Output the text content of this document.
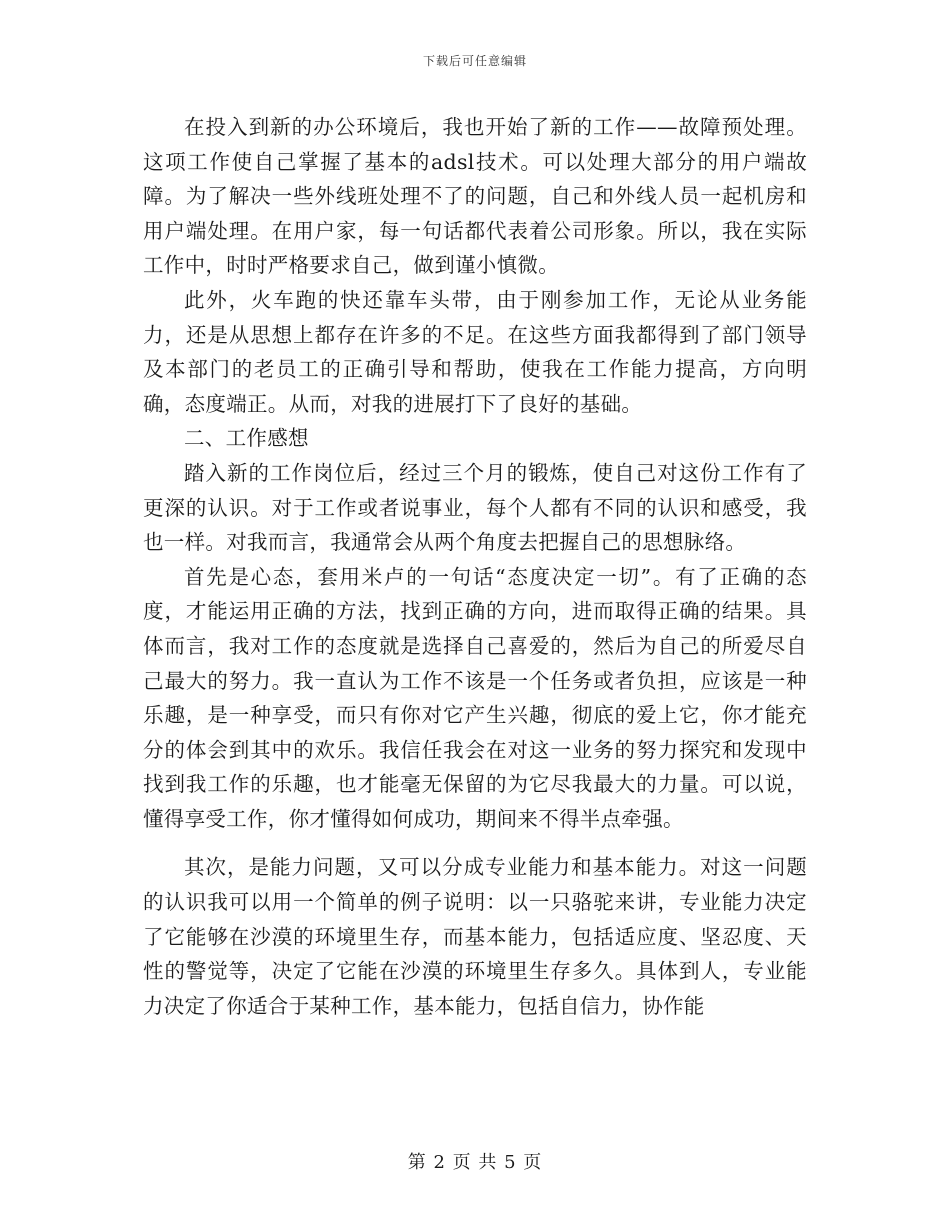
下载后可任意编辑

在投入到新的办公环境后，我也开始了新的工作——故障预处理。这项工作使自己掌握了基本的adsl技术。可以处理大部分的用户端故障。为了解决一些外线班处理不了的问题，自己和外线人员一起机房和用户端处理。在用户家，每一句话都代表着公司形象。所以，我在实际工作中，时时严格要求自己，做到谨小慎微。

此外，火车跑的快还靠车头带，由于刚参加工作，无论从业务能力，还是从思想上都存在许多的不足。在这些方面我都得到了部门领导及本部门的老员工的正确引导和帮助，使我在工作能力提高，方向明确，态度端正。从而，对我的进展打下了良好的基础。

二、工作感想

踏入新的工作岗位后，经过三个月的锻炼，使自己对这份工作有了更深的认识。对于工作或者说事业，每个人都有不同的认识和感受，我也一样。对我而言，我通常会从两个角度去把握自己的思想脉络。

首先是心态，套用米卢的一句话“态度决定一切”。有了正确的态度，才能运用正确的方法，找到正确的方向，进而取得正确的结果。具体而言，我对工作的态度就是选择自己喜爱的，然后为自己的所爱尽自己最大的努力。我一直认为工作不该是一个任务或者负担，应该是一种乐趣，是一种享受，而只有你对它产生兴趣，彻底的爱上它，你才能充分的体会到其中的欢乐。我信任我会在对这一业务的努力探究和发现中找到我工作的乐趣，也才能毫无保留的为它尽我最大的力量。可以说，懂得享受工作，你才懂得如何成功，期间来不得半点牵强。

其次，是能力问题，又可以分成专业能力和基本能力。对这一问题的认识我可以用一个简单的例子说明：以一只骆驼来讲，专业能力决定了它能够在沙漠的环境里生存，而基本能力，包括适应度、坚忍度、天性的警觉等，决定了它能在沙漠的环境里生存多久。具体到人，专业能力决定了你适合于某种工作，基本能力，包括自信力，协作能

第 2 页 共 5 页
